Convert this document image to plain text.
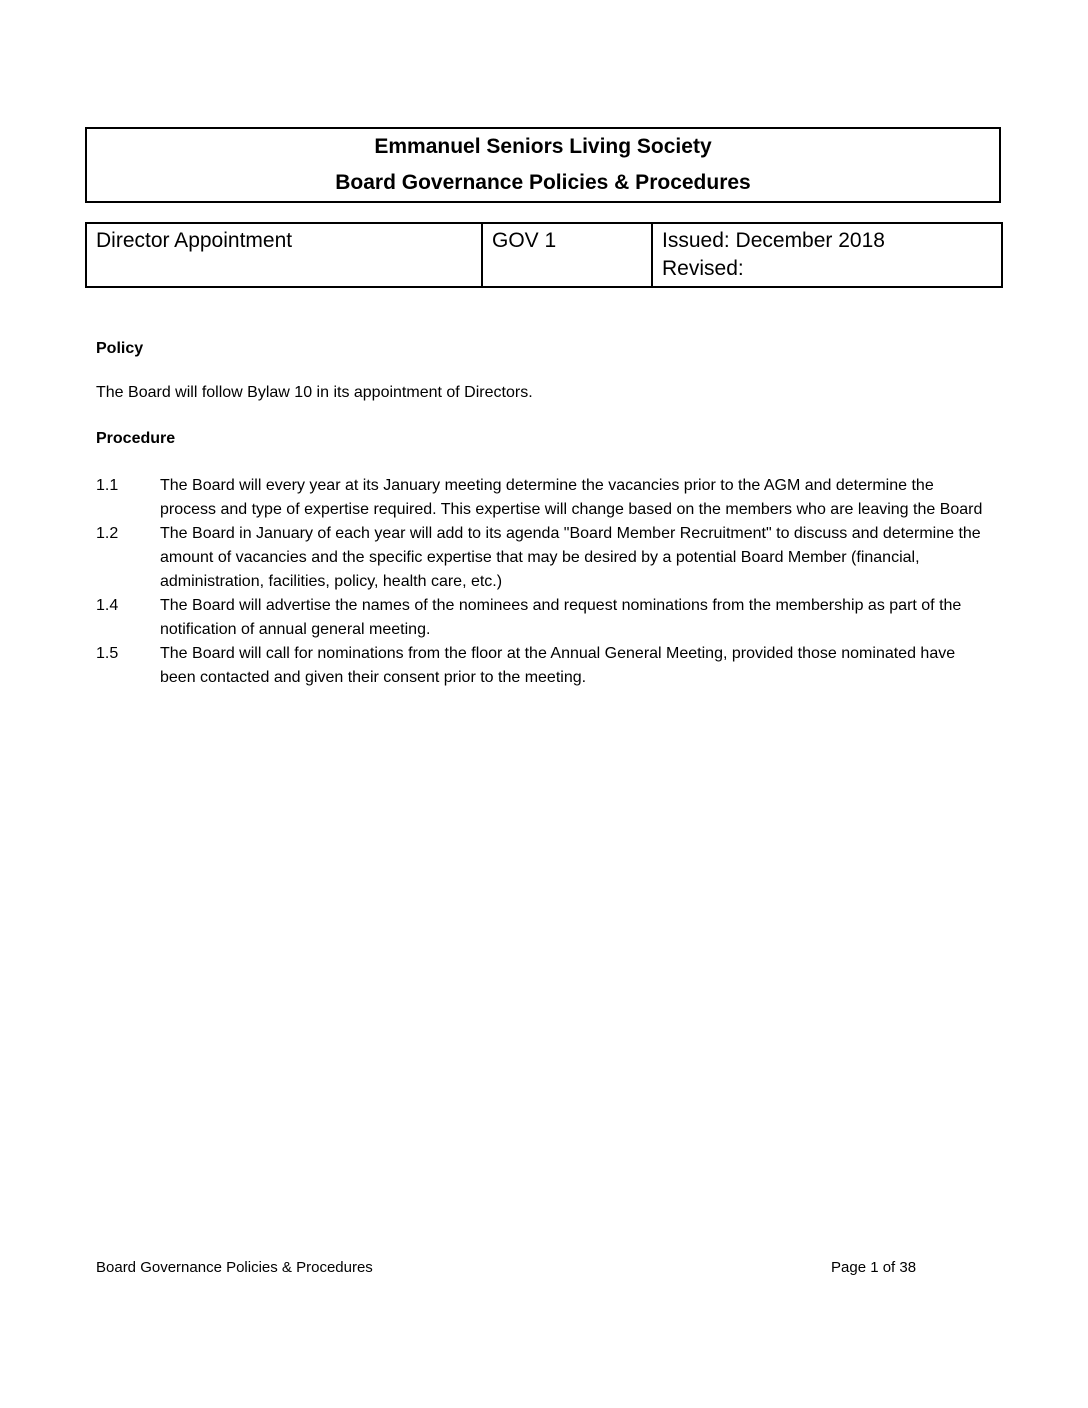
Emmanuel Seniors Living Society
Board Governance Policies & Procedures
Director Appointment	GOV 1	Issued: December 2018
Revised:
Policy
The Board will follow Bylaw 10 in its appointment of Directors.
Procedure
1.1	The Board will every year at its January meeting determine the vacancies prior to the AGM and determine the process and type of expertise required. This expertise will change based on the members who are leaving the Board
1.2	The Board in January of each year will add to its agenda "Board Member Recruitment" to discuss and determine the amount of vacancies and the specific expertise that may be desired by a potential Board Member (financial, administration, facilities, policy, health care, etc.)
1.4	The Board will advertise the names of the nominees and request nominations from the membership as part of the notification of annual general meeting.
1.5	The Board will call for nominations from the floor at the Annual General Meeting, provided those nominated have been contacted and given their consent prior to the meeting.
Board Governance Policies & Procedures	Page 1 of 38
